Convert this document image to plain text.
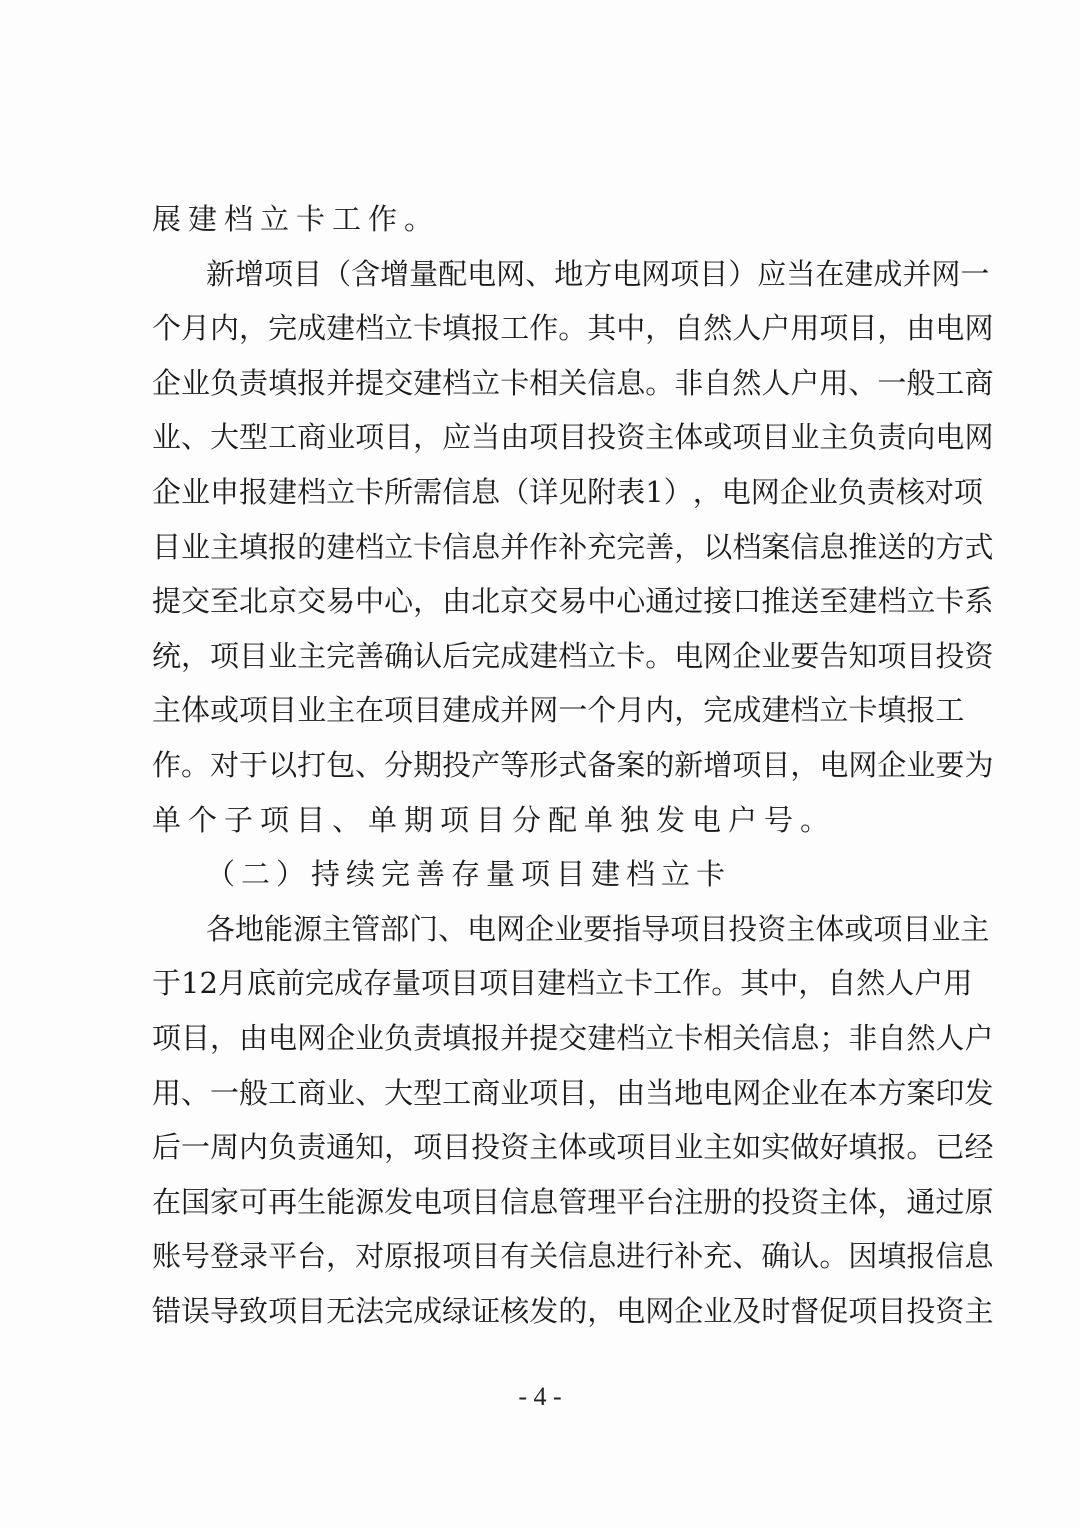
展建档立卡工作。
新 增 项 目 （ 含 增 量 配 电 网 、 地 方 电 网 项 目 ） 应 当 在 建 成 并 网 一
个 月 内 ， 完 成 建 档 立 卡 填 报 工 作 。 其 中 ， 自 然 人 户 用 项 目 ， 由 电 网
企 业 负 责 填 报 并 提 交 建 档 立 卡 相 关 信 息 。 非 自 然 人 户 用 、 一 般 工 商
业 、 大 型 工 商 业 项 目 ， 应 当 由 项 目 投 资 主 体 或 项 目 业 主 负 责 向 电 网
企 业 申 报 建 档 立 卡 所 需 信 息 （ 详 见 附 表 1 ） ， 电 网 企 业 负 责 核 对 项
目 业 主 填 报 的 建 档 立 卡 信 息 并 作 补 充 完 善 ， 以 档 案 信 息 推 送 的 方 式
提 交 至 北 京 交 易 中 心 ， 由 北 京 交 易 中 心 通 过 接 口 推 送 至 建 档 立 卡 系
统 ， 项 目 业 主 完 善 确 认 后 完 成 建 档 立 卡 。 电 网 企 业 要 告 知 项 目 投 资
主 体 或 项 目 业 主 在 项 目 建 成 并 网 一 个 月 内 ， 完 成 建 档 立 卡 填 报 工
作 。 对 于 以 打 包 、 分 期 投 产 等 形 式 备 案 的 新 增 项 目 ， 电 网 企 业 要 为
单个子项目、单期项目分配单独发电户号。
（二）持续完善存量项目建档立卡
各 地 能 源 主 管 部 门 、 电 网 企 业 要 指 导 项 目 投 资 主 体 或 项 目 业 主
于 12 月 底 前 完 成 存 量 项 目 项 目 建 档 立 卡 工 作 。 其 中 ， 自 然 人 户 用
项 目 ， 由 电 网 企 业 负 责 填 报 并 提 交 建 档 立 卡 相 关 信 息 ； 非 自 然 人 户
用 、 一 般 工 商 业 、 大 型 工 商 业 项 目 ， 由 当 地 电 网 企 业 在 本 方 案 印 发
后 一 周 内 负 责 通 知 ， 项 目 投 资 主 体 或 项 目 业 主 如 实 做 好 填 报 。 已 经
在 国 家 可 再 生 能 源 发 电 项 目 信 息 管 理 平 台 注 册 的 投 资 主 体 ， 通 过 原
账 号 登 录 平 台 ， 对 原 报 项 目 有 关 信 息 进 行 补 充 、 确 认 。 因 填 报 信 息
错 误 导 致 项 目 无 法 完 成 绿 证 核 发 的 ， 电 网 企 业 及 时 督 促 项 目 投 资 主
- 4 -
